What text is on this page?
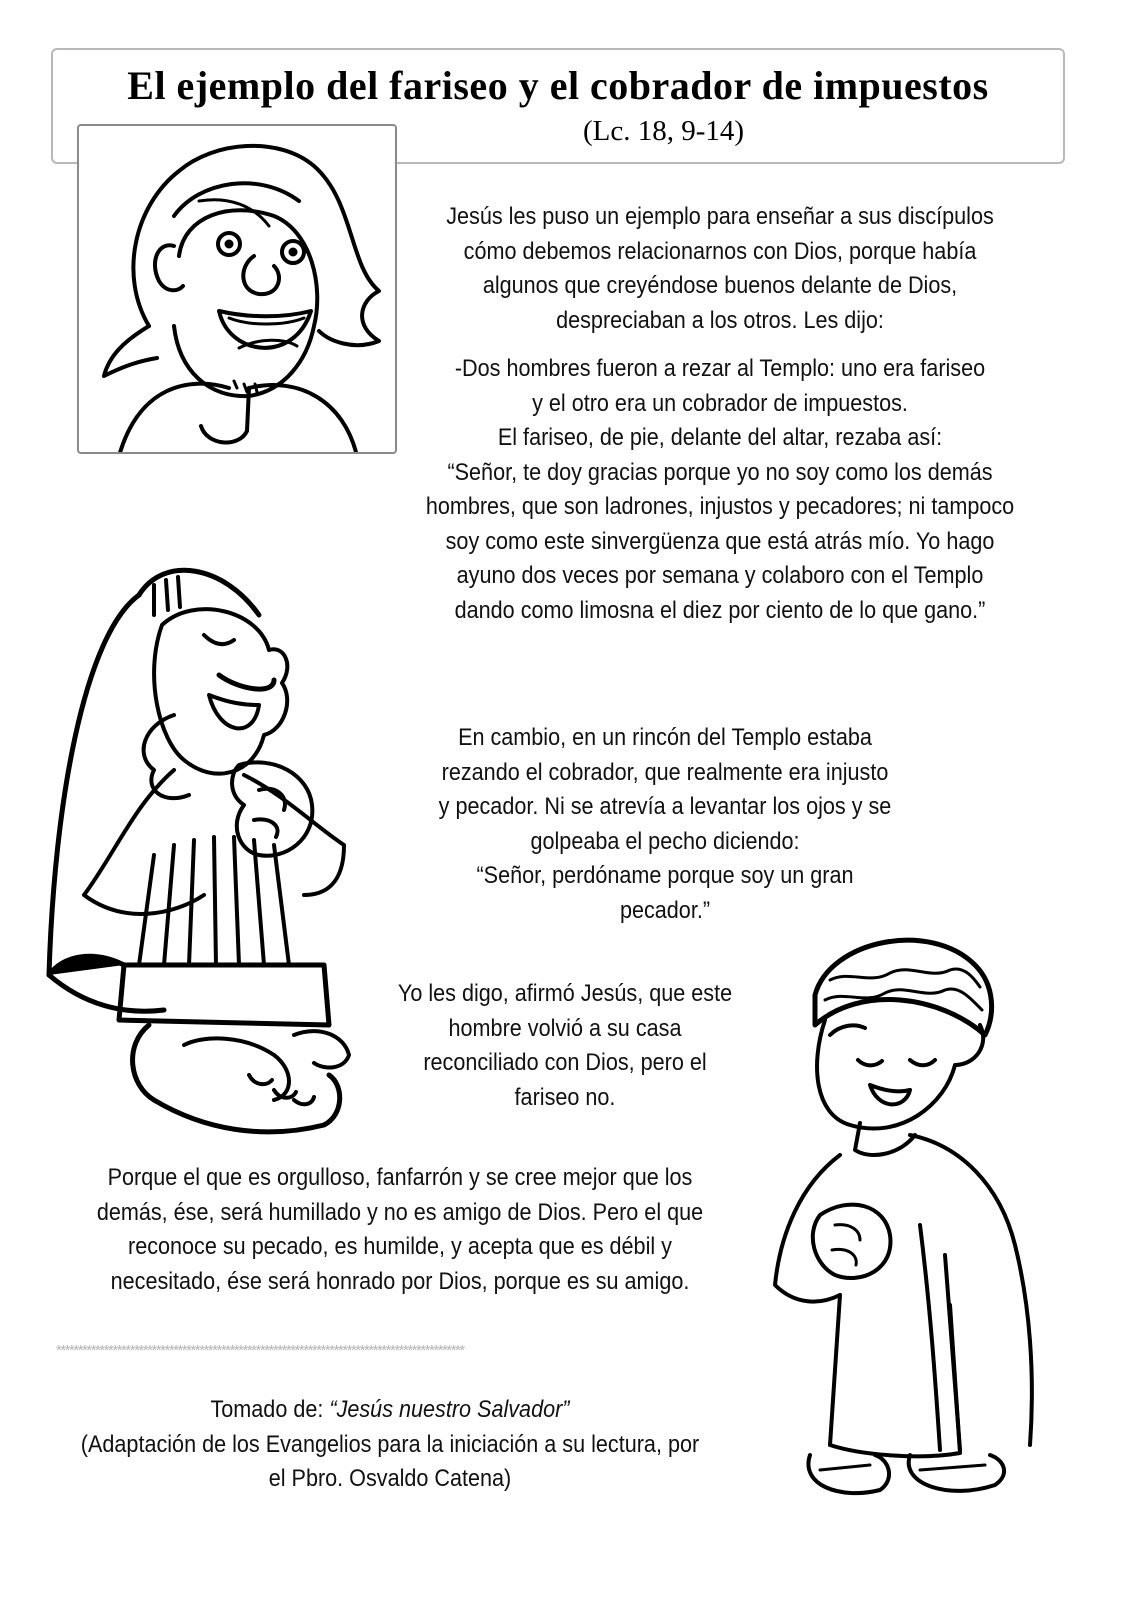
El ejemplo del fariseo y el cobrador de impuestos
(Lc. 18, 9-14)

Jesús les puso un ejemplo para enseñar a sus discípulos
cómo debemos relacionarnos con Dios, porque había
algunos que creyéndose buenos delante de Dios,
despreciaban a los otros. Les dijo:

-Dos hombres fueron a rezar al Templo: uno era fariseo
y el otro era un cobrador de impuestos.
El fariseo, de pie, delante del altar, rezaba así:
“Señor, te doy gracias porque yo no soy como los demás
hombres, que son ladrones, injustos y pecadores; ni tampoco
soy como este sinvergüenza que está atrás mío. Yo hago
ayuno dos veces por semana y colaboro con el Templo
dando como limosna el diez por ciento de lo que gano.”

En cambio, en un rincón del Templo estaba
rezando el cobrador, que realmente era injusto
y pecador. Ni se atrevía a levantar los ojos y se
golpeaba el pecho diciendo:
“Señor, perdóname porque soy un gran
pecador.”

Yo les digo, afirmó Jesús, que este
hombre volvió a su casa
reconciliado con Dios, pero el
fariseo no.

Porque el que es orgulloso, fanfarrón y se cree mejor que los
demás, ése, será humillado y no es amigo de Dios. Pero el que
reconoce su pecado, es humilde, y acepta que es débil y
necesitado, ése será honrado por Dios, porque es su amigo.

**********************************************************************************************

Tomado de: “Jesús nuestro Salvador”
(Adaptación de los Evangelios para la iniciación a su lectura, por
el Pbro. Osvaldo Catena)
